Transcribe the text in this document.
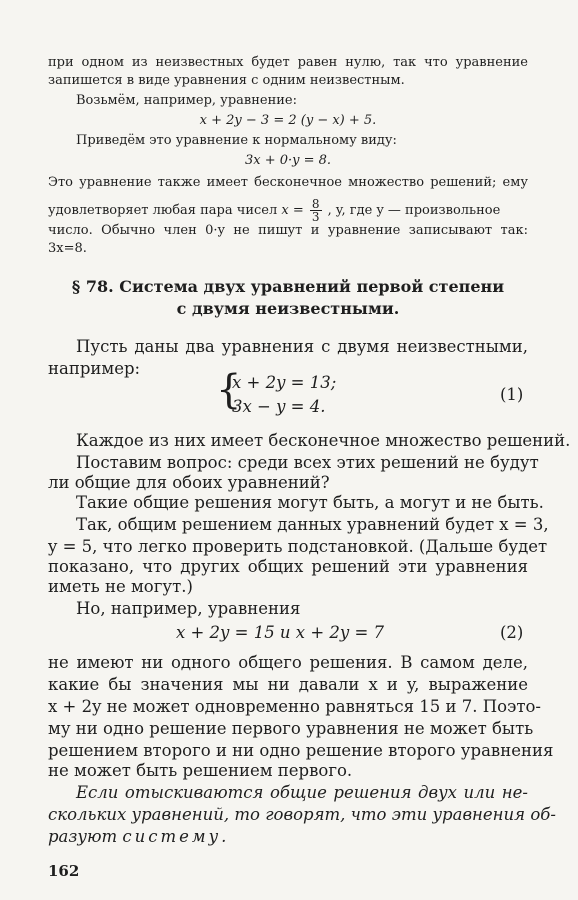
при одном из неизвестных будет равен нулю, так что уравнение
запишется в виде уравнения с одним неизвестным.
Возьмём, например, уравнение:
x + 2y − 3 = 2 (y − x) + 5.
Приведём это уравнение к нормальному виду:
3x + 0·y = 8.
Это уравнение также имеет бесконечное множество решений; ему
удовлетворяет любая пара чисел $x = \frac{8}{3}$ , y, где y — произвольное
число. Обычно член 0·y не пишут и уравнение записывают так:
3x=8.
§ 78. Система двух уравнений первой степени
с двумя неизвестными.
Пусть даны два уравнения с двумя неизвестными,
например:	{
x + 2y = 13;
3x − y = 4.
(1)
Каждое из них имеет бесконечное множество решений.
Поставим вопрос: среди всех этих решений не будут
ли общие для обоих уравнений?
Такие общие решения могут быть, а могут и не быть.
Так, общим решением данных уравнений будет x = 3,
y = 5, что легко проверить подстановкой. (Дальше будет
показано, что других общих решений эти уравнения
иметь не могут.)
Но, например, уравнения
x + 2y = 15 и x + 2y = 7	(2)
не имеют ни одного общего решения. В самом деле,
какие бы значения мы ни давали x и y, выражение
x + 2y не может одновременно равняться 15 и 7. Поэто-
му ни одно решение первого уравнения не может быть
решением второго и ни одно решение второго уравнения
не может быть решением первого.
Если отыскиваются общие решения двух или не-
скольких уравнений, то говорят, что эти уравнения об-
разуют систему.
162
